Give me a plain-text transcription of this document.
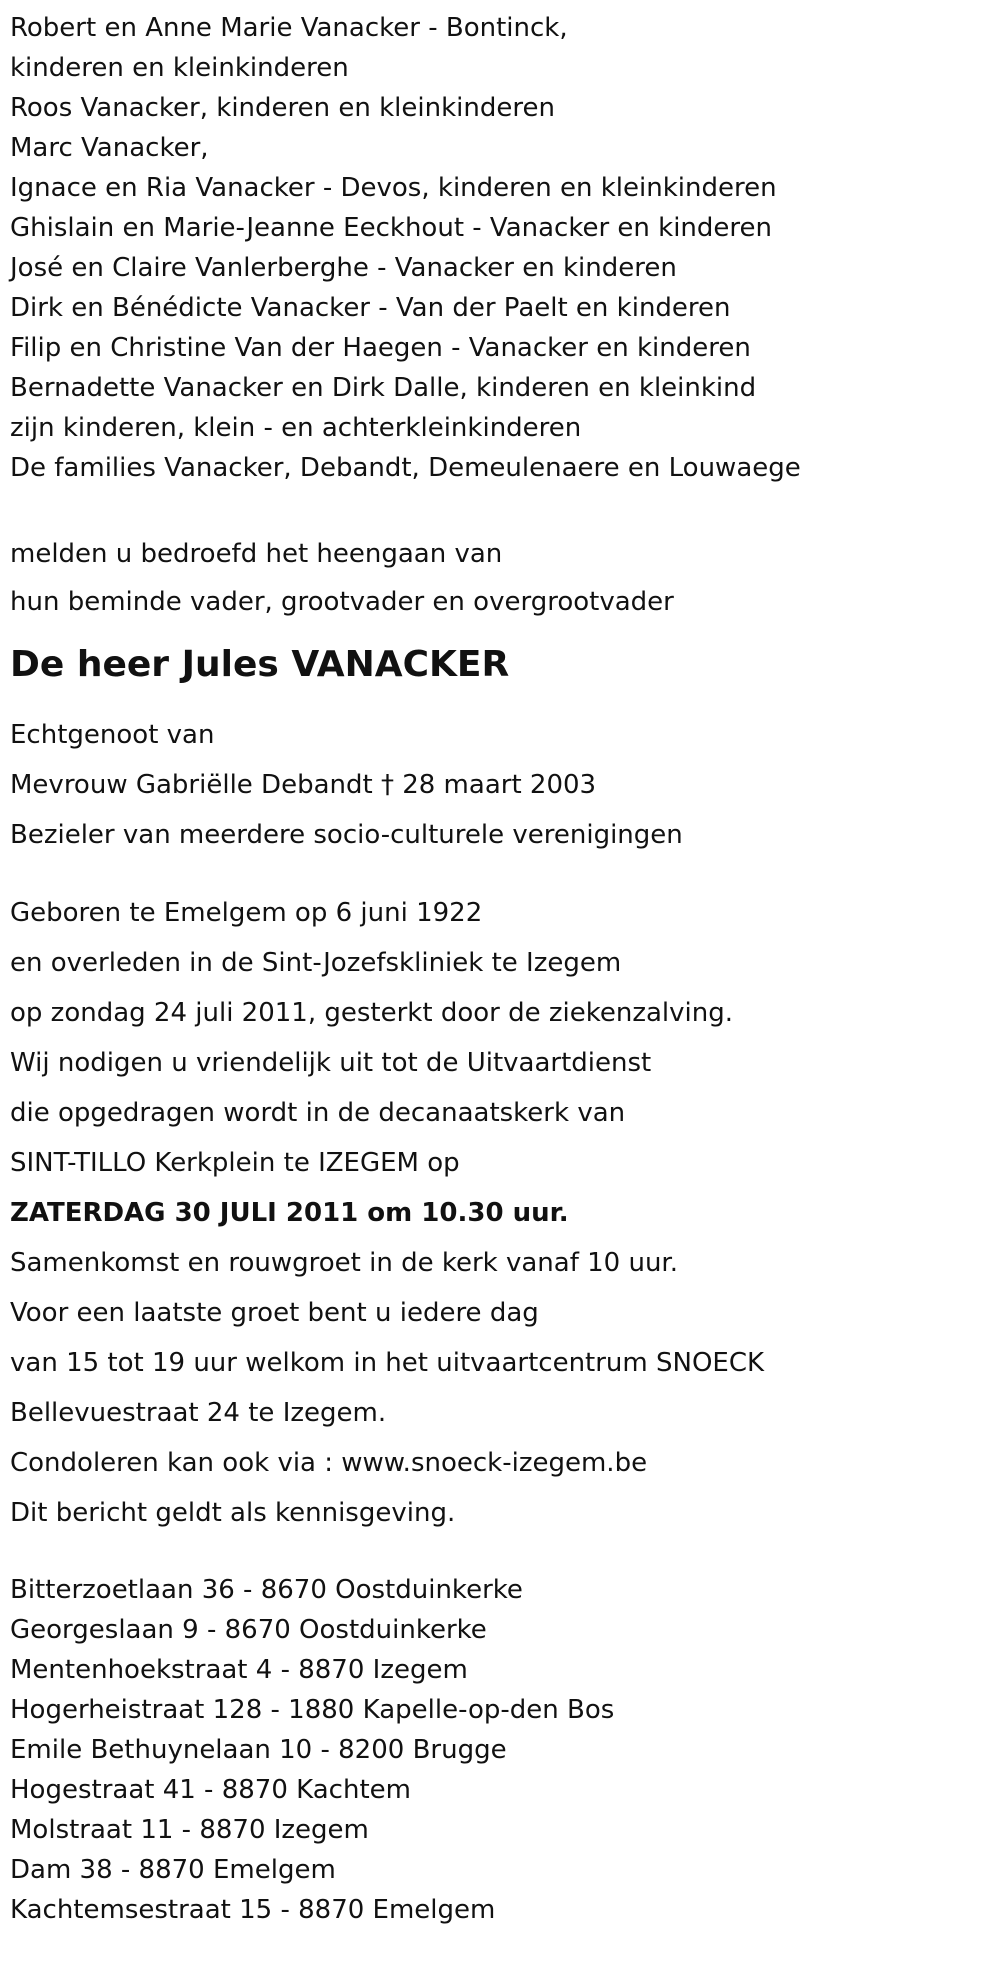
Robert en Anne Marie Vanacker - Bontinck,

kinderen en kleinkinderen

Roos Vanacker, kinderen en kleinkinderen

Marc Vanacker,

Ignace en Ria Vanacker - Devos, kinderen en kleinkinderen

Ghislain en Marie-Jeanne Eeckhout - Vanacker en kinderen

José en Claire Vanlerberghe - Vanacker en kinderen

Dirk en Bénédicte Vanacker - Van der Paelt en kinderen

Filip en Christine Van der Haegen - Vanacker en kinderen

Bernadette Vanacker en Dirk Dalle, kinderen en kleinkind

zijn kinderen, klein - en achterkleinkinderen

De families Vanacker, Debandt, Demeulenaere en Louwaege

melden u bedroefd het heengaan van

hun beminde vader, grootvader en overgrootvader

De heer Jules VANACKER

Echtgenoot van

Mevrouw Gabriëlle Debandt † 28 maart 2003

Bezieler van meerdere socio-culturele verenigingen

Geboren te Emelgem op 6 juni 1922

en overleden in de Sint-Jozefskliniek te Izegem

op zondag 24 juli 2011, gesterkt door de ziekenzalving.

Wij nodigen u vriendelijk uit tot de Uitvaartdienst

die opgedragen wordt in de decanaatskerk van

SINT-TILLO Kerkplein te IZEGEM op

ZATERDAG 30 JULI 2011 om 10.30 uur.

Samenkomst en rouwgroet in de kerk vanaf 10 uur.

Voor een laatste groet bent u iedere dag

van 15 tot 19 uur welkom in het uitvaartcentrum SNOECK

Bellevuestraat 24 te Izegem.

Condoleren kan ook via : www.snoeck-izegem.be

Dit bericht geldt als kennisgeving.

Bitterzoetlaan 36 - 8670 Oostduinkerke

Georgeslaan 9 - 8670 Oostduinkerke

Mentenhoekstraat 4 - 8870 Izegem

Hogerheistraat 128 - 1880 Kapelle-op-den Bos

Emile Bethuynelaan 10 - 8200 Brugge

Hogestraat 41 - 8870 Kachtem

Molstraat 11 - 8870 Izegem

Dam 38 - 8870 Emelgem

Kachtemsestraat 15 - 8870 Emelgem
